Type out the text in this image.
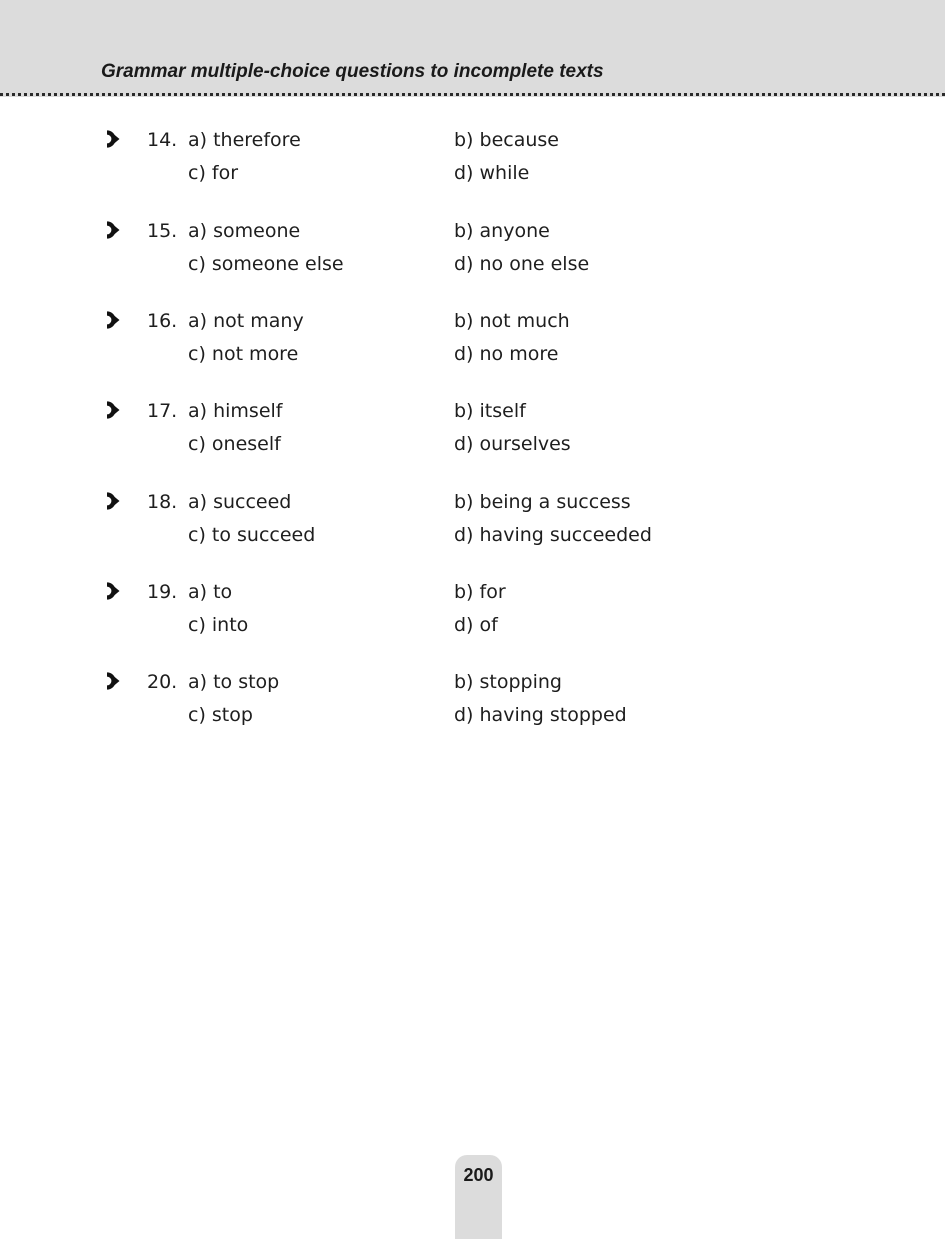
Grammar multiple-choice questions to incomplete texts
14. a) therefore	b) because
c) for	d) while
15. a) someone	b) anyone
c) someone else	d) no one else
16. a) not many	b) not much
c) not more	d) no more
17. a) himself	b) itself
c) oneself	d) ourselves
18. a) succeed	b) being a success
c) to succeed	d) having succeeded
19. a) to	b) for
c) into	d) of
20. a) to stop	b) stopping
c) stop	d) having stopped
200
